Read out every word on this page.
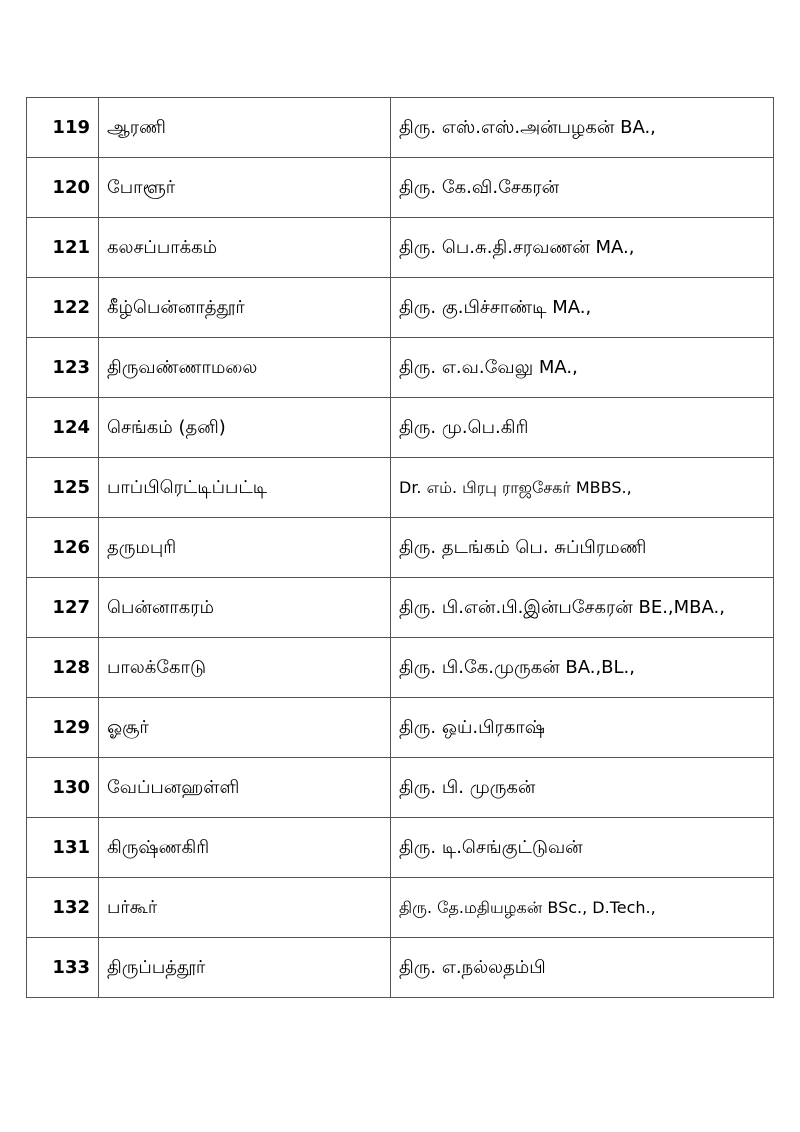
119	ஆரணி	திரு. எஸ்.எஸ்.அன்பழகன் BA.,
120	போளூர்	திரு. கே.வி.சேகரன்
121	கலசப்பாக்கம்	திரு. பெ.சு.தி.சரவணன் MA.,
122	கீழ்பென்னாத்தூர்	திரு. கு.பிச்சாண்டி MA.,
123	திருவண்ணாமலை	திரு. எ.வ.வேலு MA.,
124	செங்கம் (தனி)	திரு. மு.பெ.கிரி
125	பாப்பிரெட்டிப்பட்டி	Dr. எம். பிரபு ராஜசேகர் MBBS.,
126	தருமபுரி	திரு. தடங்கம் பெ. சுப்பிரமணி
127	பென்னாகரம்	திரு. பி.என்.பி.இன்பசேகரன் BE.,MBA.,
128	பாலக்கோடு	திரு. பி.கே.முருகன் BA.,BL.,
129	ஓசூர்	திரு. ஒய்.பிரகாஷ்
130	வேப்பனஹள்ளி	திரு. பி. முருகன்
131	கிருஷ்ணகிரி	திரு. டி.செங்குட்டுவன்
132	பர்கூர்	திரு. தே.மதியழகன் BSc., D.Tech.,
133	திருப்பத்தூர்	திரு. எ.நல்லதம்பி
